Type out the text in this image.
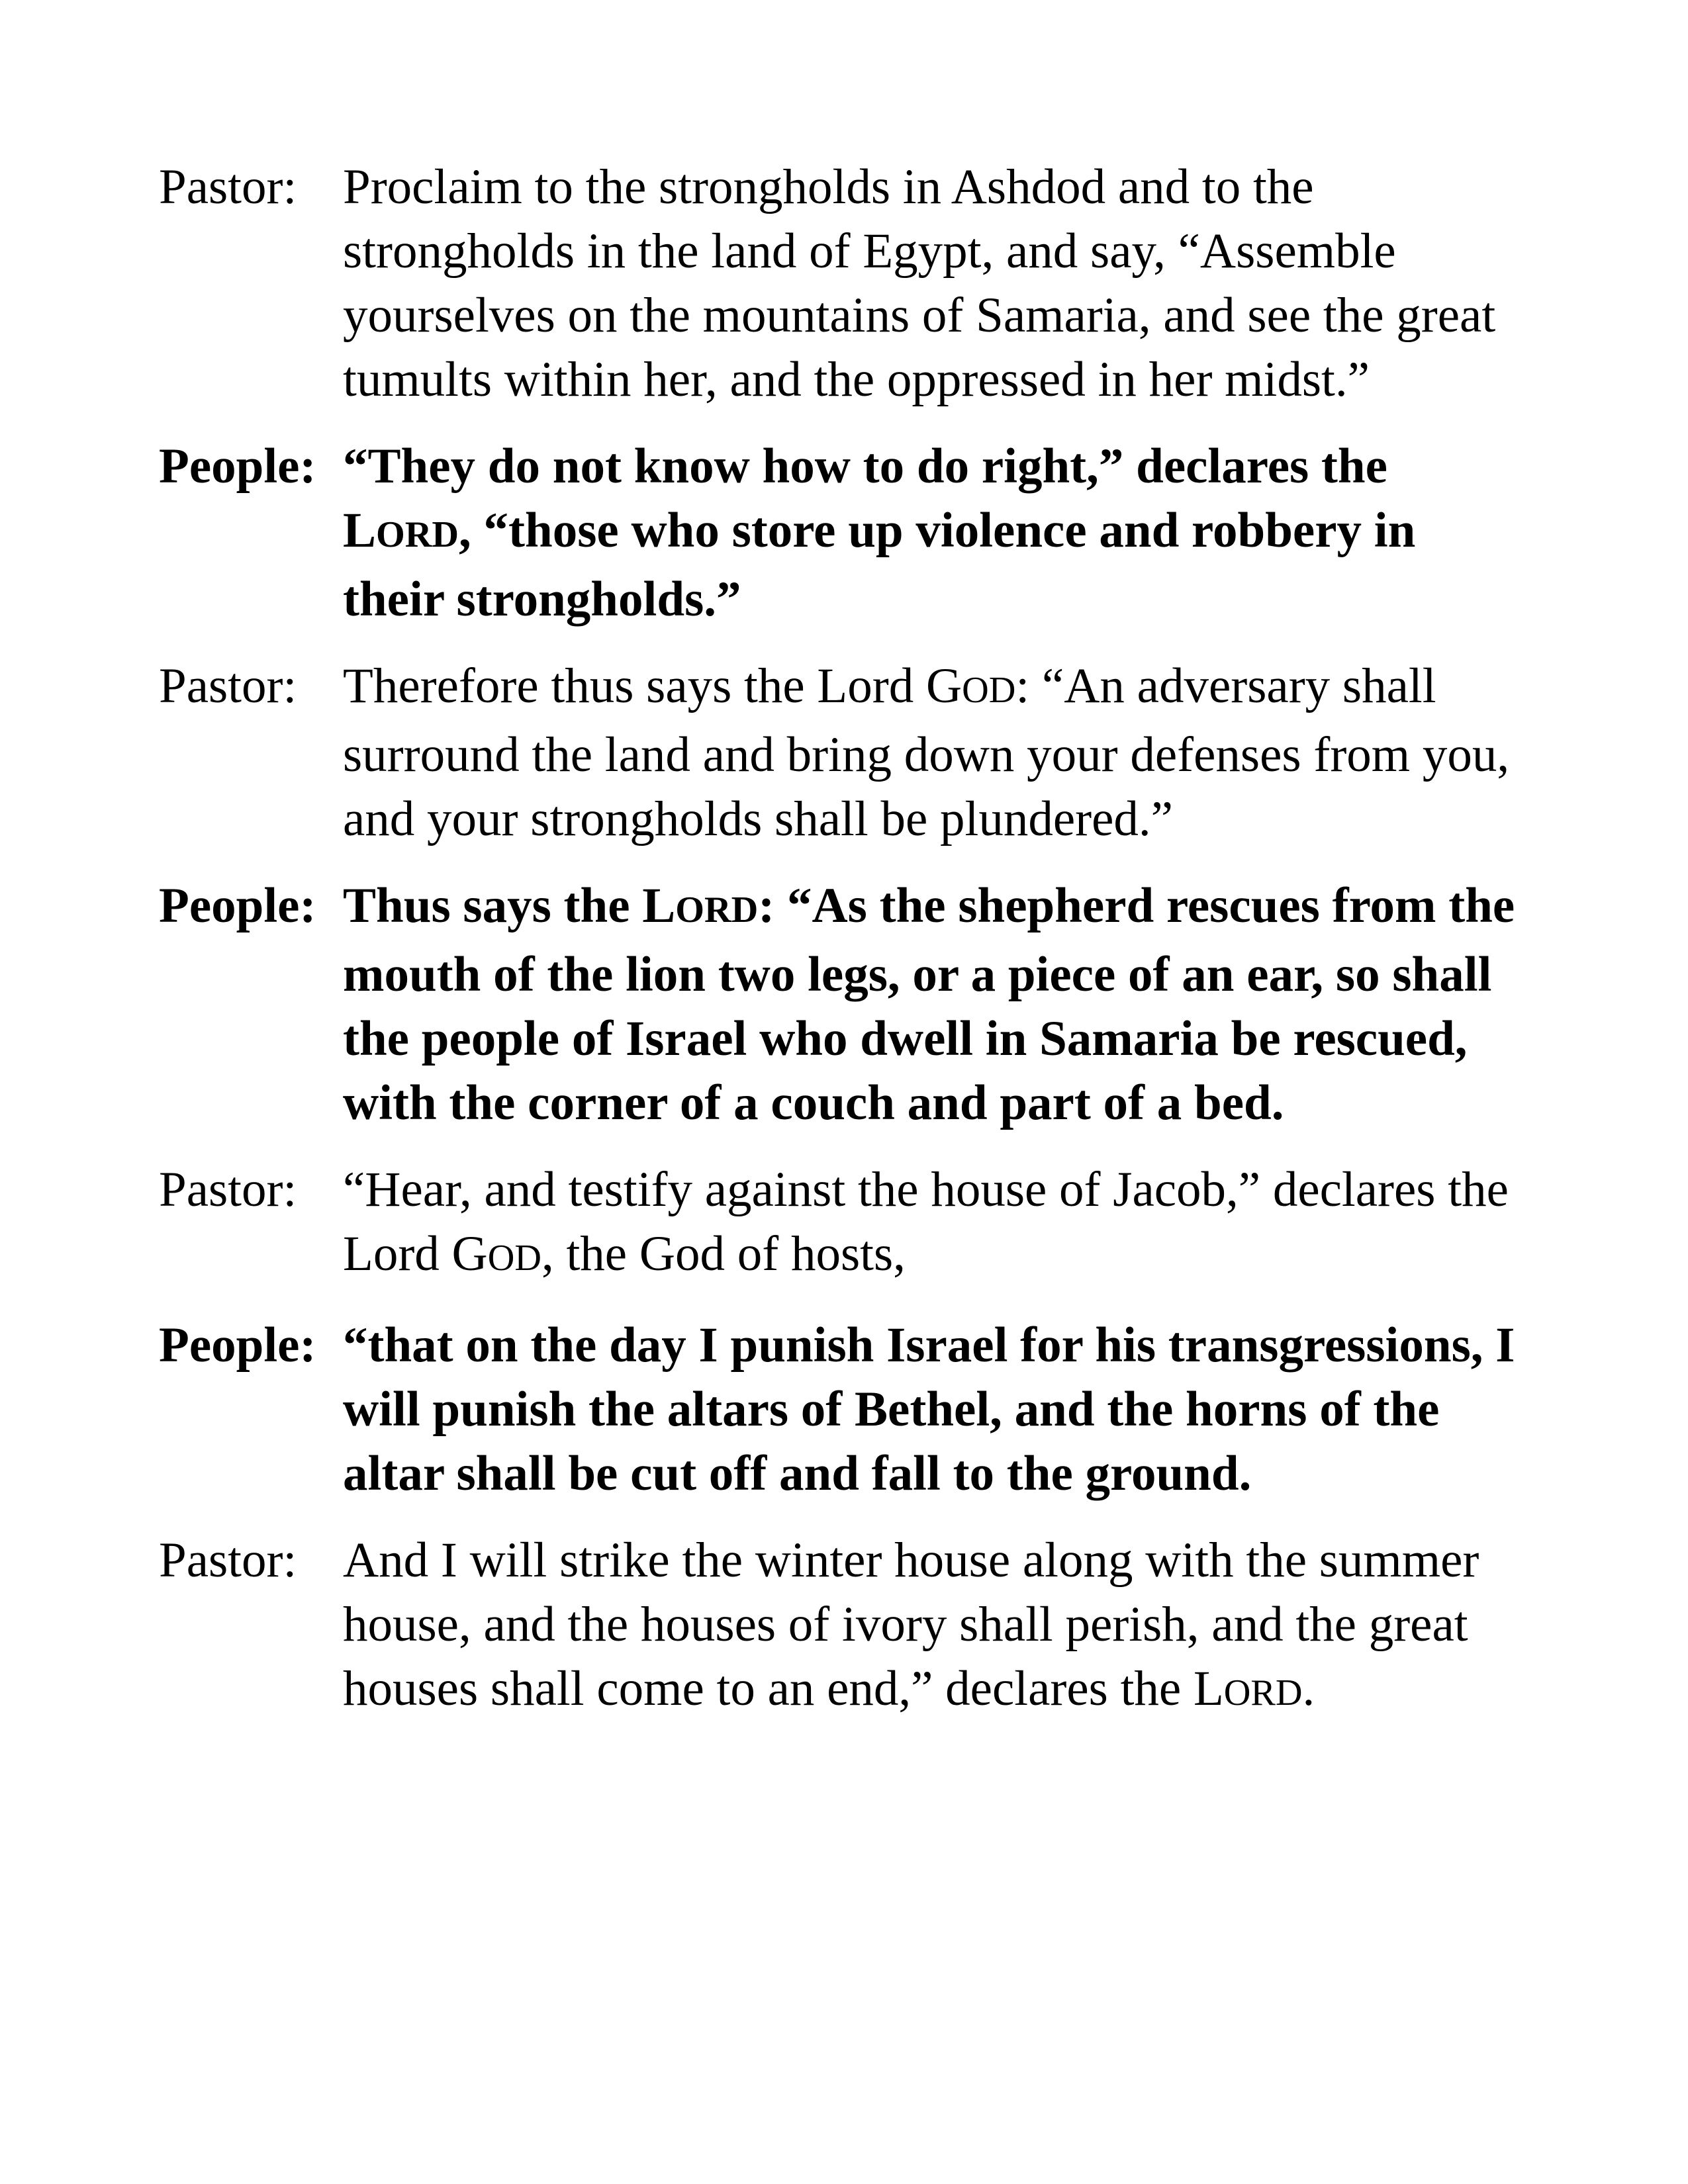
Pastor: Proclaim to the strongholds in Ashdod and to the
strongholds in the land of Egypt, and say, “Assemble
yourselves on the mountains of Samaria, and see the great
tumults within her, and the oppressed in her midst.”
People: “They do not know how to do right,” declares the
LORD, “those who store up violence and robbery in
their strongholds.”
Pastor: Therefore thus says the Lord GOD: “An adversary shall
surround the land and bring down your defenses from you,
and your strongholds shall be plundered.”
People: Thus says the LORD: “As the shepherd rescues from the
mouth of the lion two legs, or a piece of an ear, so shall
the people of Israel who dwell in Samaria be rescued,
with the corner of a couch and part of a bed.
Pastor: “Hear, and testify against the house of Jacob,” declares the
Lord GOD, the God of hosts,
People: “that on the day I punish Israel for his transgressions, I
will punish the altars of Bethel, and the horns of the
altar shall be cut off and fall to the ground.
Pastor: And I will strike the winter house along with the summer
house, and the houses of ivory shall perish, and the great
houses shall come to an end,” declares the LORD.
